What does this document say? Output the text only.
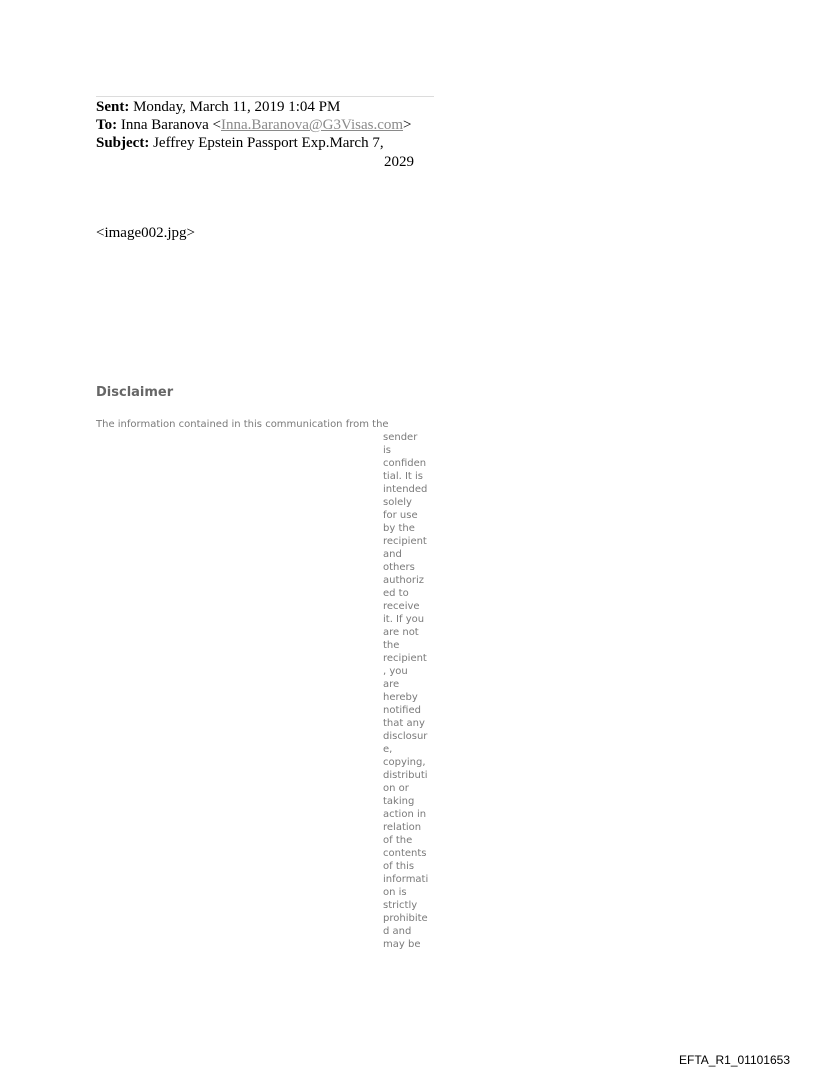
Sent: Monday, March 11, 2019 1:04 PM
To: Inna Baranova <Inna.Baranova@G3Visas.com>
Subject: Jeffrey Epstein Passport Exp.March 7,
2029
<image002.jpg>
Disclaimer
The information contained in this communication from the
sender
is
confiden
tial. It is
intended
solely
for use
by the
recipient
and
others
authoriz
ed to
receive
it. If you
are not
the
recipient
, you
are
hereby
notified
that any
disclosur
e,
copying,
distributi
on or
taking
action in
relation
of the
contents
of this
informati
on is
strictly
prohibite
d and
may be
EFTA_R1_01101653
